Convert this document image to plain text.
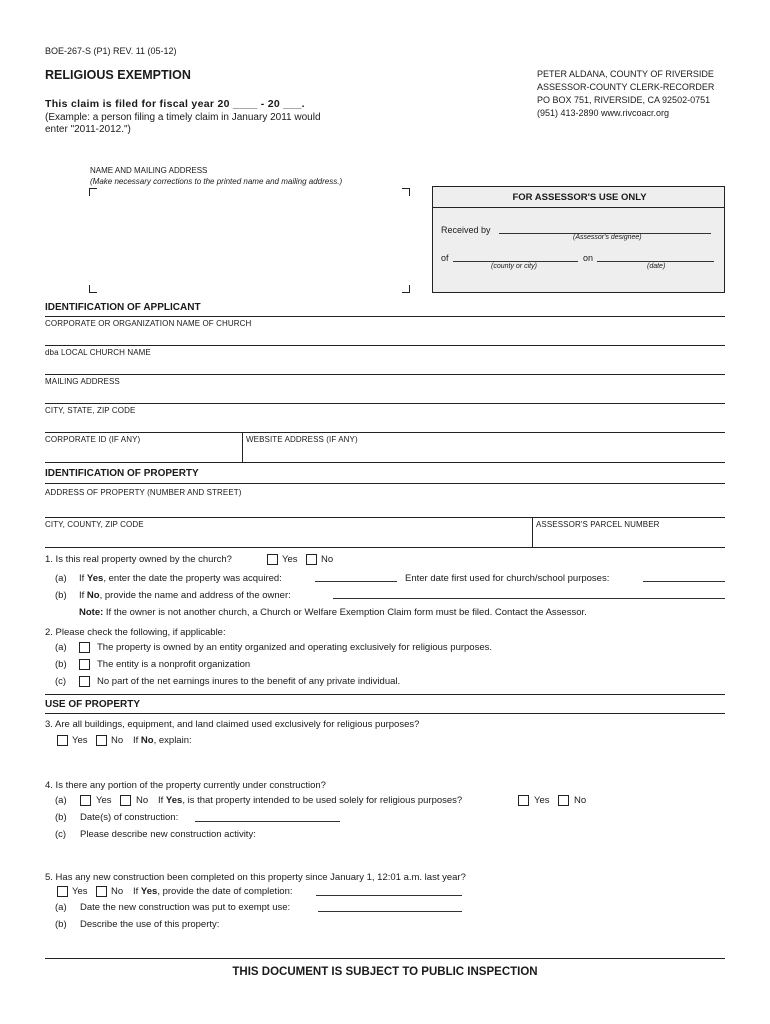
BOE-267-S (P1) REV. 11 (05-12)
RELIGIOUS EXEMPTION
This claim is filed for fiscal year 20 ____ - 20 ___.
(Example: a person filing a timely claim in January 2011 would
enter "2011-2012.")
PETER ALDANA, COUNTY OF RIVERSIDE
ASSESSOR-COUNTY CLERK-RECORDER
PO BOX 751, RIVERSIDE, CA 92502-0751
(951) 413-2890 www.rivcoacr.org
NAME AND MAILING ADDRESS
(Make necessary corrections to the printed name and mailing address.)
FOR ASSESSOR'S USE ONLY
Received by
(Assessor's designee)
of	on
(county or city)	(date)
IDENTIFICATION OF APPLICANT
CORPORATE OR ORGANIZATION NAME OF CHURCH
dba LOCAL CHURCH NAME
MAILING ADDRESS
CITY, STATE, ZIP CODE
CORPORATE ID (IF ANY)	WEBSITE ADDRESS (IF ANY)
IDENTIFICATION OF PROPERTY
ADDRESS OF PROPERTY (NUMBER AND STREET)
CITY, COUNTY, ZIP CODE	ASSESSOR'S PARCEL NUMBER
1. Is this real property owned by the church?	Yes No
(a) If Yes, enter the date the property was acquired:	Enter date first used for church/school purposes:
(b) If No, provide the name and address of the owner:
Note: If the owner is not another church, a Church or Welfare Exemption Claim form must be filed. Contact the Assessor.
2. Please check the following, if applicable:
(a)	The property is owned by an entity organized and operating exclusively for religious purposes.
(b)	The entity is a nonprofit organization
(c)	No part of the net earnings inures to the benefit of any private individual.
USE OF PROPERTY
3. Are all buildings, equipment, and land claimed used exclusively for religious purposes?
Yes No If No, explain:
4. Is there any portion of the property currently under construction?
(a)	Yes	No If Yes, is that property intended to be used solely for religious purposes?	Yes	No
(b) Date(s) of construction:
(c) Please describe new construction activity:
5. Has any new construction been completed on this property since January 1, 12:01 a.m. last year?
Yes No If Yes, provide the date of completion:
(a) Date the new construction was put to exempt use:
(b) Describe the use of this property:
THIS DOCUMENT IS SUBJECT TO PUBLIC INSPECTION
